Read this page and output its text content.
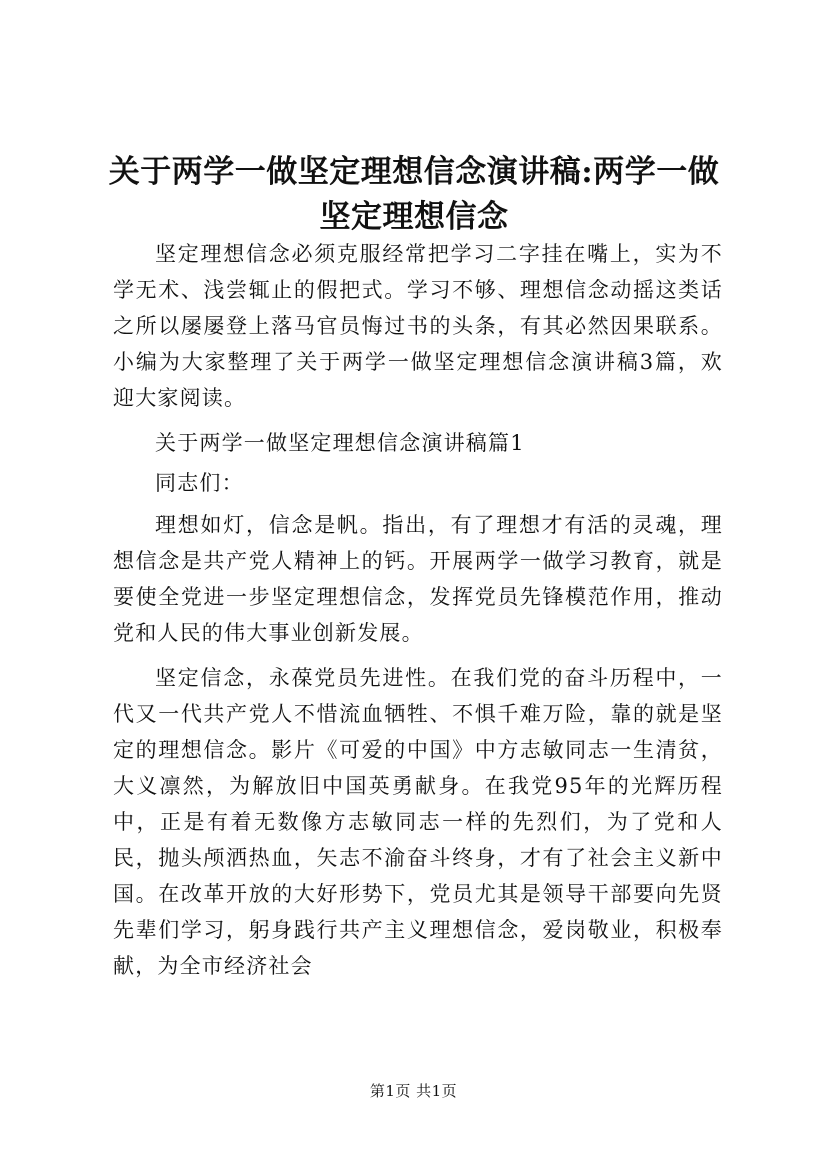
关于两学一做坚定理想信念演讲稿:两学一做坚定理想信念

坚定理想信念必须克服经常把学习二字挂在嘴上，实为不学无术、浅尝辄止的假把式。学习不够、理想信念动摇这类话之所以屡屡登上落马官员悔过书的头条，有其必然因果联系。小编为大家整理了关于两学一做坚定理想信念演讲稿3篇，欢迎大家阅读。

关于两学一做坚定理想信念演讲稿篇1

同志们：

理想如灯，信念是帆。指出，有了理想才有活的灵魂，理想信念是共产党人精神上的钙。开展两学一做学习教育，就是要使全党进一步坚定理想信念，发挥党员先锋模范作用，推动党和人民的伟大事业创新发展。

坚定信念，永葆党员先进性。在我们党的奋斗历程中，一代又一代共产党人不惜流血牺牲、不惧千难万险，靠的就是坚定的理想信念。影片《可爱的中国》中方志敏同志一生清贫，大义凛然，为解放旧中国英勇献身。在我党95年的光辉历程中，正是有着无数像方志敏同志一样的先烈们，为了党和人民，抛头颅洒热血，矢志不渝奋斗终身，才有了社会主义新中国。在改革开放的大好形势下，党员尤其是领导干部要向先贤先辈们学习，躬身践行共产主义理想信念，爱岗敬业，积极奉献，为全市经济社会

第1页 共1页
